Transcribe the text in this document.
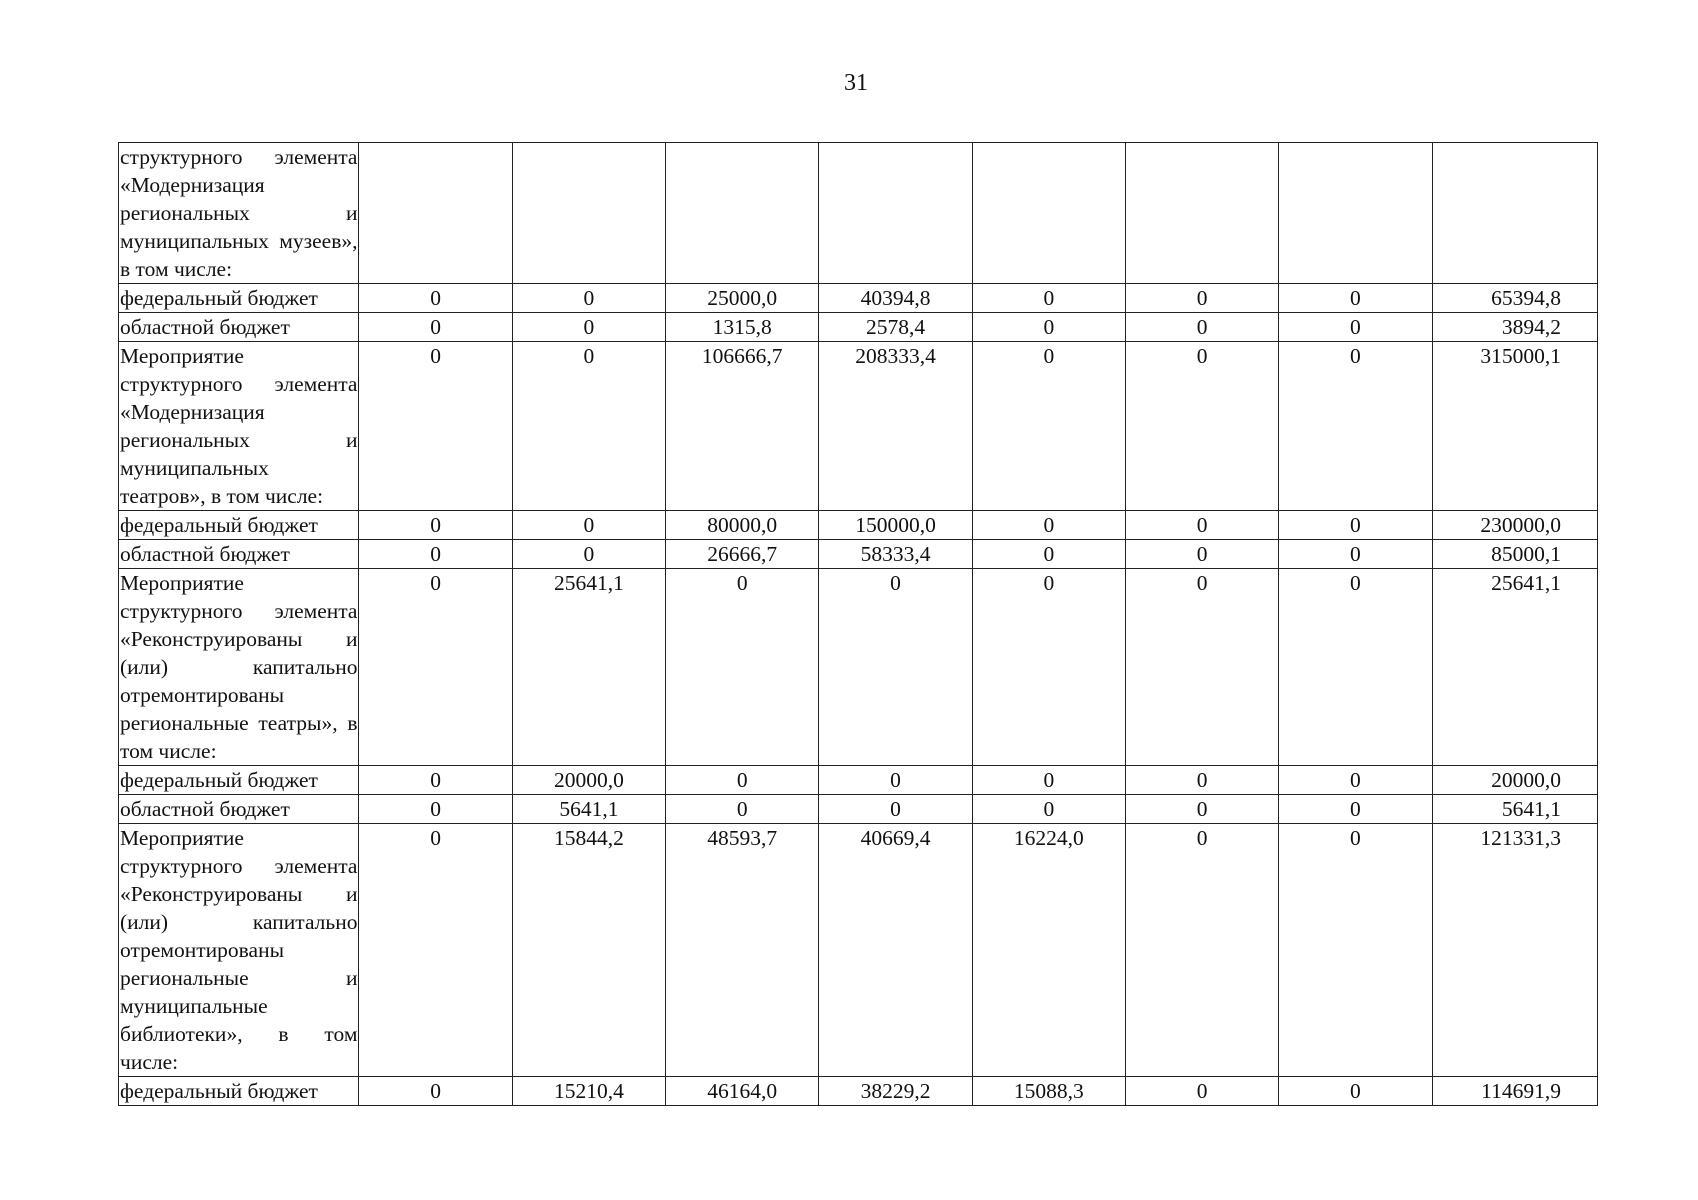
31
структурного элемента «Модернизация региональных и муниципальных музеев», в том числе:								
федеральный бюджет	0	0	25000,0	40394,8	0	0	0	65394,8
областной бюджет	0	0	1315,8	2578,4	0	0	0	3894,2
Мероприятие структурного элемента «Модернизация региональных и муниципальных театров», в том числе:	0	0	106666,7	208333,4	0	0	0	315000,1
федеральный бюджет	0	0	80000,0	150000,0	0	0	0	230000,0
областной бюджет	0	0	26666,7	58333,4	0	0	0	85000,1
Мероприятие структурного элемента «Реконструированы и (или) капитально отремонтированы региональные театры», в том числе:	0	25641,1	0	0	0	0	0	25641,1
федеральный бюджет	0	20000,0	0	0	0	0	0	20000,0
областной бюджет	0	5641,1	0	0	0	0	0	5641,1
Мероприятие структурного элемента «Реконструированы и (или) капитально отремонтированы региональные и муниципальные библиотеки», в том числе:	0	15844,2	48593,7	40669,4	16224,0	0	0	121331,3
федеральный бюджет	0	15210,4	46164,0	38229,2	15088,3	0	0	114691,9
